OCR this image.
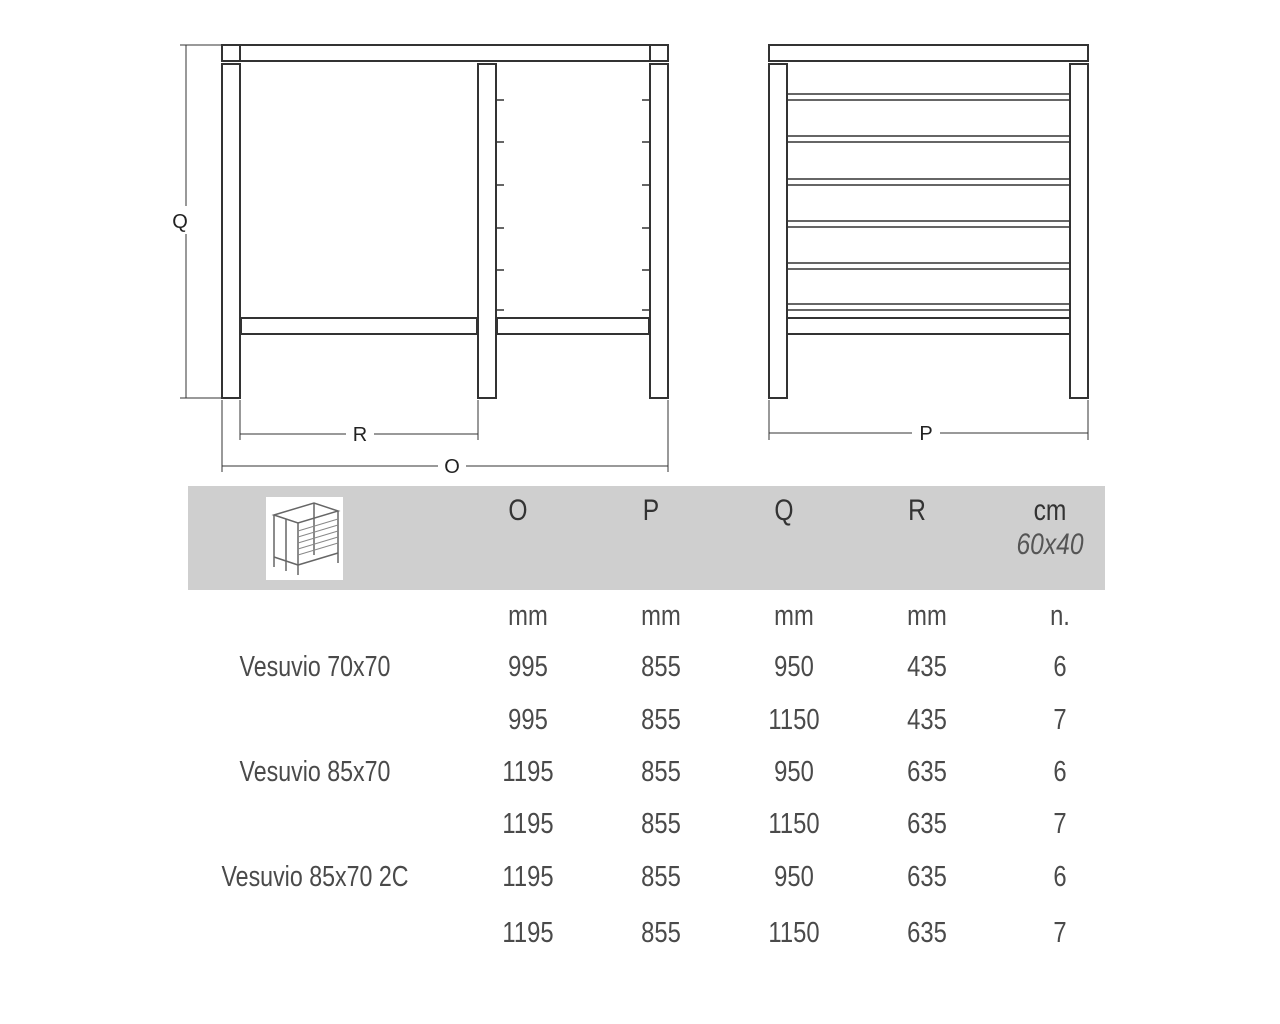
Q
R
O
P
O	P	Q	R	cm
60x40
mm	mm	mm	mm	n.
Vesuvio 70x70	995	855	950	435	6
995	855	1150	435	7
Vesuvio 85x70	1195	855	950	635	6
1195	855	1150	635	7
Vesuvio 85x70 2C	1195	855	950	635	6
1195	855	1150	635	7
